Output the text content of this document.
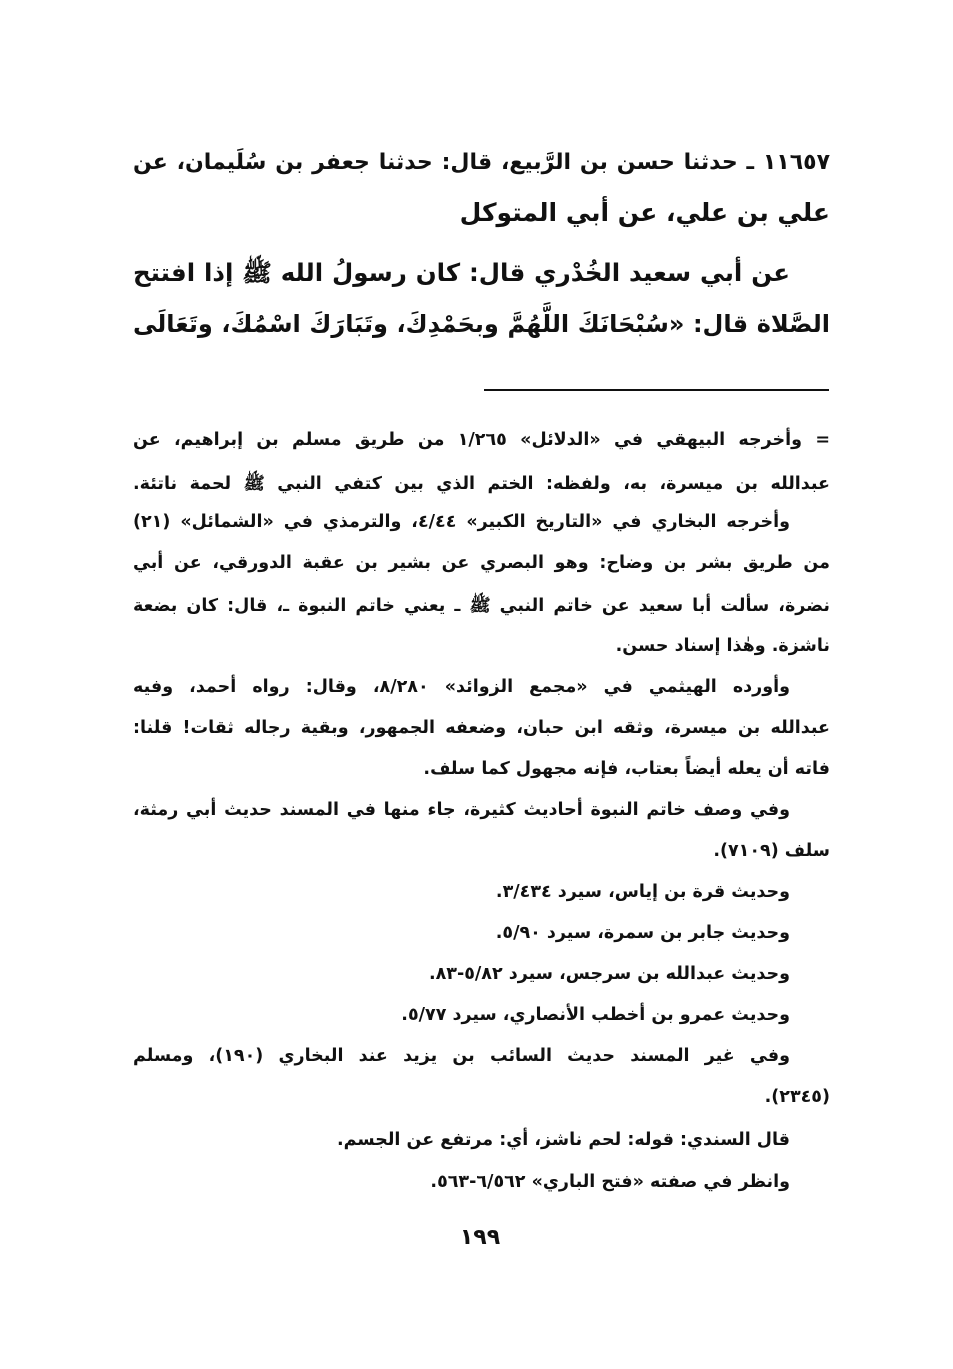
١١٦٥٧ ـ حدثنا حسن بن الرَّبيع، قال: حدثنا جعفر بن سُلَيمان، عن
علي بن علي، عن أبي المتوكل
عن أبي سعيد الخُدْري قال: كان رسولُ الله ﷺ إذا افتتح
الصَّلاة قال: «سُبْحَانَكَ اللَّهُمَّ وبحَمْدِكَ، وتَبَارَكَ اسْمُكَ، وتَعَالَى
= وأخرجه البيهقي في «الدلائل» ١/٢٦٥ من طريق مسلم بن إبراهيم، عن
عبدالله بن ميسرة، به، ولفظه: الختم الذي بين كتفي النبي ﷺ لحمة ناتئة.
وأخرجه البخاري في «التاريخ الكبير» ٤/٤٤، والترمذي في «الشمائل» (٢١)
من طريق بشر بن وضاح: وهو البصري عن بشير بن عقبة الدورقي، عن أبي
نضرة، سألت أبا سعيد عن خاتم النبي ﷺ ـ يعني خاتم النبوة ـ، قال: كان بضعة
ناشزة. وهٰذا إسناد حسن.
وأورده الهيثمي في «مجمع الزوائد» ٨/٢٨٠، وقال: رواه أحمد، وفيه
عبدالله بن ميسرة، وثقه ابن حبان، وضعفه الجمهور، وبقية رجاله ثقات! قلنا:
فاته أن يعله أيضاً بعتاب، فإنه مجهول كما سلف.
وفي وصف خاتم النبوة أحاديث كثيرة، جاء منها في المسند حديث أبي رمثة،
سلف (٧١٠٩).
وحديث قرة بن إياس، سيرد ٣/٤٣٤.
وحديث جابر بن سمرة، سيرد ٥/٩٠.
وحديث عبدالله بن سرجس، سيرد ٥/٨٢-٨٣.
وحديث عمرو بن أخطب الأنصاري، سيرد ٥/٧٧.
وفي غير المسند حديث السائب بن يزيد عند البخاري (١٩٠)، ومسلم
(٢٣٤٥).
قال السندي: قوله: لحم ناشز، أي: مرتفع عن الجسم.
وانظر في صفته «فتح الباري» ٦/٥٦٢-٥٦٣.
١٩٩
